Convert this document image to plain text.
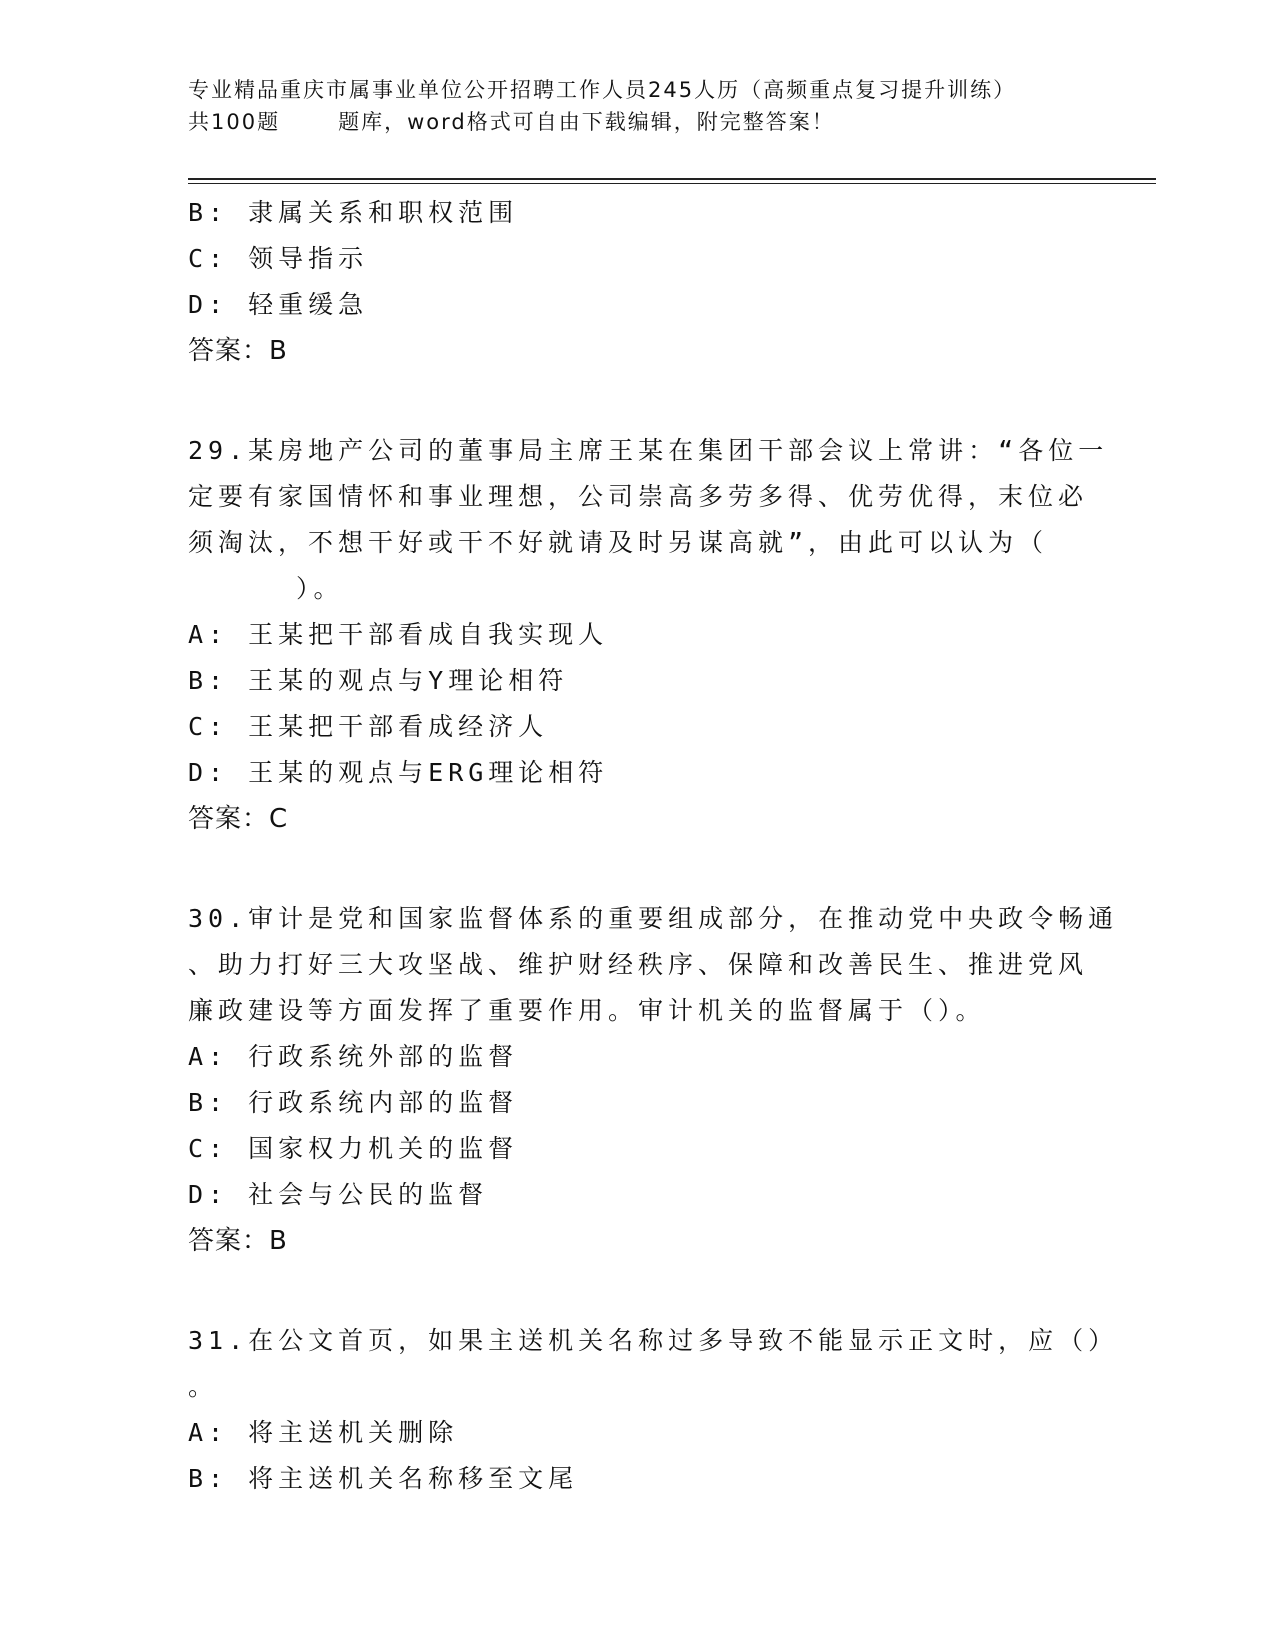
专业精品重庆市属事业单位公开招聘工作人员245人历（高频重点复习提升训练）
共100题	题库，word格式可自由下载编辑，附完整答案！
B: 隶属关系和职权范围
C: 领导指示
D: 轻重缓急
答案：B
29.某房地产公司的董事局主席王某在集团干部会议上常讲：“各位一
定要有家国情怀和事业理想，公司崇高多劳多得、优劳优得，末位必
须淘汰，不想干好或干不好就请及时另谋高就”，由此可以认为（
）。
A: 王某把干部看成自我实现人
B: 王某的观点与Y理论相符
C: 王某把干部看成经济人
D: 王某的观点与ERG理论相符
答案：C
30.审计是党和国家监督体系的重要组成部分，在推动党中央政令畅通
、助力打好三大攻坚战、维护财经秩序、保障和改善民生、推进党风
廉政建设等方面发挥了重要作用。审计机关的监督属于（）。
A: 行政系统外部的监督
B: 行政系统内部的监督
C: 国家权力机关的监督
D: 社会与公民的监督
答案：B
31.在公文首页，如果主送机关名称过多导致不能显示正文时，应（）
。
A: 将主送机关删除
B: 将主送机关名称移至文尾
